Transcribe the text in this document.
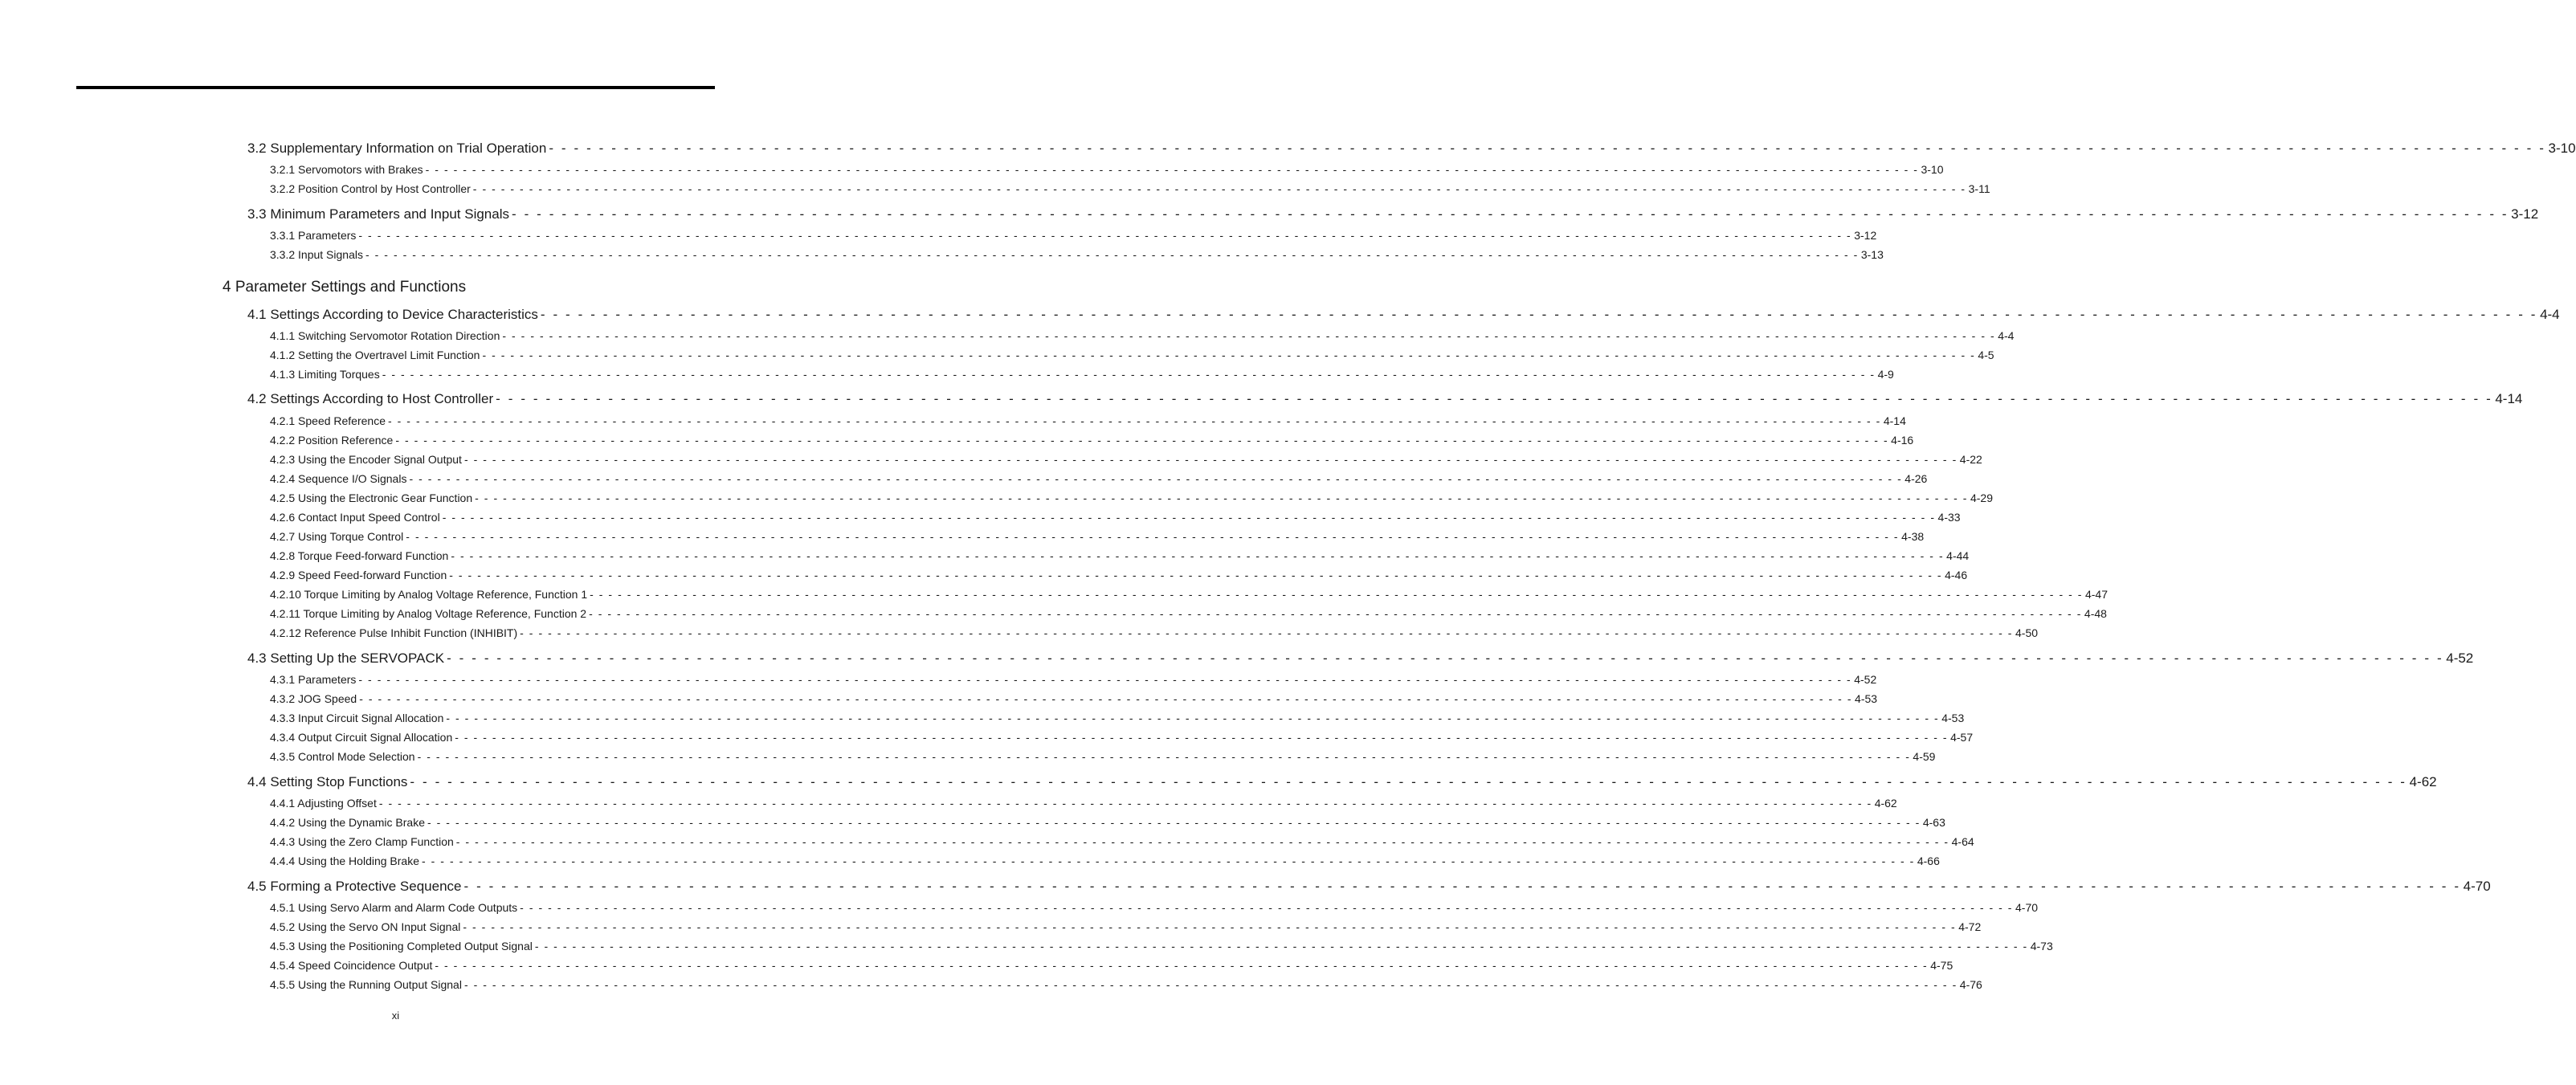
3.2 Supplementary Information on Trial Operation - - - - - - - - - - - - - - - - - - - - - - - - - - - - - - - - - - - - - - - - - - - - - - - - - - - - - - - - - - - - - - - - - - - - - - - - - - - - - - - - - - - - - - - - - - - - - - - - - - - - - - - - - - - - - - - - - - - - - - - - - - - - - - - - - - - - - - - - - - - - - - - - - - - - - - - - - - - - - - - - 3-10
3.2.1 Servomotors with Brakes - - - - - - - - - - - - - - - - - - - - - - - - - - - - - - - - - - - - - - - - - - - - - - - - - - - - - - - - - - - - - - - - - - - - - - - - - - - - - - - - - - - - - - - - - - - - - - - - - - - - - - - - - - - - - - - - - - - - - - - - - - - - - - - - - - - - - - - - - - - - - - - - - - - - - - - - - - - - - - - - 3-10
3.2.2 Position Control by Host Controller - - - - - - - - - - - - - - - - - - - - - - - - - - - - - - - - - - - - - - - - - - - - - - - - - - - - - - - - - - - - - - - - - - - - - - - - - - - - - - - - - - - - - - - - - - - - - - - - - - - - - - - - - - - - - - - - - - - - - - - - - - - - - - - - - - - - - - - - - - - - - - - - - - - - - - - - - - - - - - - - 3-11
3.3 Minimum Parameters and Input Signals - - - - - - - - - - - - - - - - - - - - - - - - - - - - - - - - - - - - - - - - - - - - - - - - - - - - - - - - - - - - - - - - - - - - - - - - - - - - - - - - - - - - - - - - - - - - - - - - - - - - - - - - - - - - - - - - - - - - - - - - - - - - - - - - - - - - - - - - - - - - - - - - - - - - - - - - - - - - - - - - 3-12
3.3.1 Parameters - - - - - - - - - - - - - - - - - - - - - - - - - - - - - - - - - - - - - - - - - - - - - - - - - - - - - - - - - - - - - - - - - - - - - - - - - - - - - - - - - - - - - - - - - - - - - - - - - - - - - - - - - - - - - - - - - - - - - - - - - - - - - - - - - - - - - - - - - - - - - - - - - - - - - - - - - - - - - - - - 3-12
3.3.2 Input Signals - - - - - - - - - - - - - - - - - - - - - - - - - - - - - - - - - - - - - - - - - - - - - - - - - - - - - - - - - - - - - - - - - - - - - - - - - - - - - - - - - - - - - - - - - - - - - - - - - - - - - - - - - - - - - - - - - - - - - - - - - - - - - - - - - - - - - - - - - - - - - - - - - - - - - - - - - - - - - - - - 3-13
4 Parameter Settings and Functions
4.1 Settings According to Device Characteristics - - - - - - - - - - - - - - - - - - - - - - - - - - - - - - - - - - - - - - - - - - - - - - - - - - - - - - - - - - - - - - - - - - - - - - - - - - - - - - - - - - - - - - - - - - - - - - - - - - - - - - - - - - - - - - - - - - - - - - - - - - - - - - - - - - - - - - - - - - - - - - - - - - - - - - - - - - - - - - - - 4-4
4.1.1 Switching Servomotor Rotation Direction - - - - - - - - - - - - - - - - - - - - - - - - - - - - - - - - - - - - - - - - - - - - - - - - - - - - - - - - - - - - - - - - - - - - - - - - - - - - - - - - - - - - - - - - - - - - - - - - - - - - - - - - - - - - - - - - - - - - - - - - - - - - - - - - - - - - - - - - - - - - - - - - - - - - - - - - - - - - - - - - 4-4
4.1.2 Setting the Overtravel Limit Function - - - - - - - - - - - - - - - - - - - - - - - - - - - - - - - - - - - - - - - - - - - - - - - - - - - - - - - - - - - - - - - - - - - - - - - - - - - - - - - - - - - - - - - - - - - - - - - - - - - - - - - - - - - - - - - - - - - - - - - - - - - - - - - - - - - - - - - - - - - - - - - - - - - - - - - - - - - - - - - - 4-5
4.1.3 Limiting Torques - - - - - - - - - - - - - - - - - - - - - - - - - - - - - - - - - - - - - - - - - - - - - - - - - - - - - - - - - - - - - - - - - - - - - - - - - - - - - - - - - - - - - - - - - - - - - - - - - - - - - - - - - - - - - - - - - - - - - - - - - - - - - - - - - - - - - - - - - - - - - - - - - - - - - - - - - - - - - - - - 4-9
4.2 Settings According to Host Controller - - - - - - - - - - - - - - - - - - - - - - - - - - - - - - - - - - - - - - - - - - - - - - - - - - - - - - - - - - - - - - - - - - - - - - - - - - - - - - - - - - - - - - - - - - - - - - - - - - - - - - - - - - - - - - - - - - - - - - - - - - - - - - - - - - - - - - - - - - - - - - - - - - - - - - - - - - - - - - - - 4-14
4.2.1 Speed Reference - - - - - - - - - - - - - - - - - - - - - - - - - - - - - - - - - - - - - - - - - - - - - - - - - - - - - - - - - - - - - - - - - - - - - - - - - - - - - - - - - - - - - - - - - - - - - - - - - - - - - - - - - - - - - - - - - - - - - - - - - - - - - - - - - - - - - - - - - - - - - - - - - - - - - - - - - - - - - - - - 4-14
4.2.2 Position Reference - - - - - - - - - - - - - - - - - - - - - - - - - - - - - - - - - - - - - - - - - - - - - - - - - - - - - - - - - - - - - - - - - - - - - - - - - - - - - - - - - - - - - - - - - - - - - - - - - - - - - - - - - - - - - - - - - - - - - - - - - - - - - - - - - - - - - - - - - - - - - - - - - - - - - - - - - - - - - - - - 4-16
4.2.3 Using the Encoder Signal Output - - - - - - - - - - - - - - - - - - - - - - - - - - - - - - - - - - - - - - - - - - - - - - - - - - - - - - - - - - - - - - - - - - - - - - - - - - - - - - - - - - - - - - - - - - - - - - - - - - - - - - - - - - - - - - - - - - - - - - - - - - - - - - - - - - - - - - - - - - - - - - - - - - - - - - - - - - - - - - - - 4-22
4.2.4 Sequence I/O Signals - - - - - - - - - - - - - - - - - - - - - - - - - - - - - - - - - - - - - - - - - - - - - - - - - - - - - - - - - - - - - - - - - - - - - - - - - - - - - - - - - - - - - - - - - - - - - - - - - - - - - - - - - - - - - - - - - - - - - - - - - - - - - - - - - - - - - - - - - - - - - - - - - - - - - - - - - - - - - - - - 4-26
4.2.5 Using the Electronic Gear Function - - - - - - - - - - - - - - - - - - - - - - - - - - - - - - - - - - - - - - - - - - - - - - - - - - - - - - - - - - - - - - - - - - - - - - - - - - - - - - - - - - - - - - - - - - - - - - - - - - - - - - - - - - - - - - - - - - - - - - - - - - - - - - - - - - - - - - - - - - - - - - - - - - - - - - - - - - - - - - - - 4-29
4.2.6 Contact Input Speed Control - - - - - - - - - - - - - - - - - - - - - - - - - - - - - - - - - - - - - - - - - - - - - - - - - - - - - - - - - - - - - - - - - - - - - - - - - - - - - - - - - - - - - - - - - - - - - - - - - - - - - - - - - - - - - - - - - - - - - - - - - - - - - - - - - - - - - - - - - - - - - - - - - - - - - - - - - - - - - - - - 4-33
4.2.7 Using Torque Control - - - - - - - - - - - - - - - - - - - - - - - - - - - - - - - - - - - - - - - - - - - - - - - - - - - - - - - - - - - - - - - - - - - - - - - - - - - - - - - - - - - - - - - - - - - - - - - - - - - - - - - - - - - - - - - - - - - - - - - - - - - - - - - - - - - - - - - - - - - - - - - - - - - - - - - - - - - - - - - - 4-38
4.2.8 Torque Feed-forward Function - - - - - - - - - - - - - - - - - - - - - - - - - - - - - - - - - - - - - - - - - - - - - - - - - - - - - - - - - - - - - - - - - - - - - - - - - - - - - - - - - - - - - - - - - - - - - - - - - - - - - - - - - - - - - - - - - - - - - - - - - - - - - - - - - - - - - - - - - - - - - - - - - - - - - - - - - - - - - - - - 4-44
4.2.9 Speed Feed-forward Function - - - - - - - - - - - - - - - - - - - - - - - - - - - - - - - - - - - - - - - - - - - - - - - - - - - - - - - - - - - - - - - - - - - - - - - - - - - - - - - - - - - - - - - - - - - - - - - - - - - - - - - - - - - - - - - - - - - - - - - - - - - - - - - - - - - - - - - - - - - - - - - - - - - - - - - - - - - - - - - - 4-46
4.2.10 Torque Limiting by Analog Voltage Reference, Function 1 - - - - - - - - - - - - - - - - - - - - - - - - - - - - - - - - - - - - - - - - - - - - - - - - - - - - - - - - - - - - - - - - - - - - - - - - - - - - - - - - - - - - - - - - - - - - - - - - - - - - - - - - - - - - - - - - - - - - - - - - - - - - - - - - - - - - - - - - - - - - - - - - - - - - - - - - - - - - - - - - 4-47
4.2.11 Torque Limiting by Analog Voltage Reference, Function 2 - - - - - - - - - - - - - - - - - - - - - - - - - - - - - - - - - - - - - - - - - - - - - - - - - - - - - - - - - - - - - - - - - - - - - - - - - - - - - - - - - - - - - - - - - - - - - - - - - - - - - - - - - - - - - - - - - - - - - - - - - - - - - - - - - - - - - - - - - - - - - - - - - - - - - - - - - - - - - - - - 4-48
4.2.12 Reference Pulse Inhibit Function (INHIBIT) - - - - - - - - - - - - - - - - - - - - - - - - - - - - - - - - - - - - - - - - - - - - - - - - - - - - - - - - - - - - - - - - - - - - - - - - - - - - - - - - - - - - - - - - - - - - - - - - - - - - - - - - - - - - - - - - - - - - - - - - - - - - - - - - - - - - - - - - - - - - - - - - - - - - - - - - - - - - - - - - 4-50
4.3 Setting Up the SERVOPACK - - - - - - - - - - - - - - - - - - - - - - - - - - - - - - - - - - - - - - - - - - - - - - - - - - - - - - - - - - - - - - - - - - - - - - - - - - - - - - - - - - - - - - - - - - - - - - - - - - - - - - - - - - - - - - - - - - - - - - - - - - - - - - - - - - - - - - - - - - - - - - - - - - - - - - - - - - - - - - - - 4-52
4.3.1 Parameters - - - - - - - - - - - - - - - - - - - - - - - - - - - - - - - - - - - - - - - - - - - - - - - - - - - - - - - - - - - - - - - - - - - - - - - - - - - - - - - - - - - - - - - - - - - - - - - - - - - - - - - - - - - - - - - - - - - - - - - - - - - - - - - - - - - - - - - - - - - - - - - - - - - - - - - - - - - - - - - - 4-52
4.3.2 JOG Speed - - - - - - - - - - - - - - - - - - - - - - - - - - - - - - - - - - - - - - - - - - - - - - - - - - - - - - - - - - - - - - - - - - - - - - - - - - - - - - - - - - - - - - - - - - - - - - - - - - - - - - - - - - - - - - - - - - - - - - - - - - - - - - - - - - - - - - - - - - - - - - - - - - - - - - - - - - - - - - - - 4-53
4.3.3 Input Circuit Signal Allocation - - - - - - - - - - - - - - - - - - - - - - - - - - - - - - - - - - - - - - - - - - - - - - - - - - - - - - - - - - - - - - - - - - - - - - - - - - - - - - - - - - - - - - - - - - - - - - - - - - - - - - - - - - - - - - - - - - - - - - - - - - - - - - - - - - - - - - - - - - - - - - - - - - - - - - - - - - - - - - - - 4-53
4.3.4 Output Circuit Signal Allocation - - - - - - - - - - - - - - - - - - - - - - - - - - - - - - - - - - - - - - - - - - - - - - - - - - - - - - - - - - - - - - - - - - - - - - - - - - - - - - - - - - - - - - - - - - - - - - - - - - - - - - - - - - - - - - - - - - - - - - - - - - - - - - - - - - - - - - - - - - - - - - - - - - - - - - - - - - - - - - - - 4-57
4.3.5 Control Mode Selection - - - - - - - - - - - - - - - - - - - - - - - - - - - - - - - - - - - - - - - - - - - - - - - - - - - - - - - - - - - - - - - - - - - - - - - - - - - - - - - - - - - - - - - - - - - - - - - - - - - - - - - - - - - - - - - - - - - - - - - - - - - - - - - - - - - - - - - - - - - - - - - - - - - - - - - - - - - - - - - - 4-59
4.4 Setting Stop Functions - - - - - - - - - - - - - - - - - - - - - - - - - - - - - - - - - - - - - - - - - - - - - - - - - - - - - - - - - - - - - - - - - - - - - - - - - - - - - - - - - - - - - - - - - - - - - - - - - - - - - - - - - - - - - - - - - - - - - - - - - - - - - - - - - - - - - - - - - - - - - - - - - - - - - - - - - - - - - - - - 4-62
4.4.1 Adjusting Offset - - - - - - - - - - - - - - - - - - - - - - - - - - - - - - - - - - - - - - - - - - - - - - - - - - - - - - - - - - - - - - - - - - - - - - - - - - - - - - - - - - - - - - - - - - - - - - - - - - - - - - - - - - - - - - - - - - - - - - - - - - - - - - - - - - - - - - - - - - - - - - - - - - - - - - - - - - - - - - - - 4-62
4.4.2 Using the Dynamic Brake - - - - - - - - - - - - - - - - - - - - - - - - - - - - - - - - - - - - - - - - - - - - - - - - - - - - - - - - - - - - - - - - - - - - - - - - - - - - - - - - - - - - - - - - - - - - - - - - - - - - - - - - - - - - - - - - - - - - - - - - - - - - - - - - - - - - - - - - - - - - - - - - - - - - - - - - - - - - - - - - 4-63
4.4.3 Using the Zero Clamp Function - - - - - - - - - - - - - - - - - - - - - - - - - - - - - - - - - - - - - - - - - - - - - - - - - - - - - - - - - - - - - - - - - - - - - - - - - - - - - - - - - - - - - - - - - - - - - - - - - - - - - - - - - - - - - - - - - - - - - - - - - - - - - - - - - - - - - - - - - - - - - - - - - - - - - - - - - - - - - - - - 4-64
4.4.4 Using the Holding Brake - - - - - - - - - - - - - - - - - - - - - - - - - - - - - - - - - - - - - - - - - - - - - - - - - - - - - - - - - - - - - - - - - - - - - - - - - - - - - - - - - - - - - - - - - - - - - - - - - - - - - - - - - - - - - - - - - - - - - - - - - - - - - - - - - - - - - - - - - - - - - - - - - - - - - - - - - - - - - - - - 4-66
4.5 Forming a Protective Sequence - - - - - - - - - - - - - - - - - - - - - - - - - - - - - - - - - - - - - - - - - - - - - - - - - - - - - - - - - - - - - - - - - - - - - - - - - - - - - - - - - - - - - - - - - - - - - - - - - - - - - - - - - - - - - - - - - - - - - - - - - - - - - - - - - - - - - - - - - - - - - - - - - - - - - - - - - - - - - - - - 4-70
4.5.1 Using Servo Alarm and Alarm Code Outputs - - - - - - - - - - - - - - - - - - - - - - - - - - - - - - - - - - - - - - - - - - - - - - - - - - - - - - - - - - - - - - - - - - - - - - - - - - - - - - - - - - - - - - - - - - - - - - - - - - - - - - - - - - - - - - - - - - - - - - - - - - - - - - - - - - - - - - - - - - - - - - - - - - - - - - - - - - - - - - - - 4-70
4.5.2 Using the Servo ON Input Signal - - - - - - - - - - - - - - - - - - - - - - - - - - - - - - - - - - - - - - - - - - - - - - - - - - - - - - - - - - - - - - - - - - - - - - - - - - - - - - - - - - - - - - - - - - - - - - - - - - - - - - - - - - - - - - - - - - - - - - - - - - - - - - - - - - - - - - - - - - - - - - - - - - - - - - - - - - - - - - - - 4-72
4.5.3 Using the Positioning Completed Output Signal - - - - - - - - - - - - - - - - - - - - - - - - - - - - - - - - - - - - - - - - - - - - - - - - - - - - - - - - - - - - - - - - - - - - - - - - - - - - - - - - - - - - - - - - - - - - - - - - - - - - - - - - - - - - - - - - - - - - - - - - - - - - - - - - - - - - - - - - - - - - - - - - - - - - - - - - - - - - - - - - 4-73
4.5.4 Speed Coincidence Output - - - - - - - - - - - - - - - - - - - - - - - - - - - - - - - - - - - - - - - - - - - - - - - - - - - - - - - - - - - - - - - - - - - - - - - - - - - - - - - - - - - - - - - - - - - - - - - - - - - - - - - - - - - - - - - - - - - - - - - - - - - - - - - - - - - - - - - - - - - - - - - - - - - - - - - - - - - - - - - - 4-75
4.5.5 Using the Running Output Signal - - - - - - - - - - - - - - - - - - - - - - - - - - - - - - - - - - - - - - - - - - - - - - - - - - - - - - - - - - - - - - - - - - - - - - - - - - - - - - - - - - - - - - - - - - - - - - - - - - - - - - - - - - - - - - - - - - - - - - - - - - - - - - - - - - - - - - - - - - - - - - - - - - - - - - - - - - - - - - - - 4-76
xi
